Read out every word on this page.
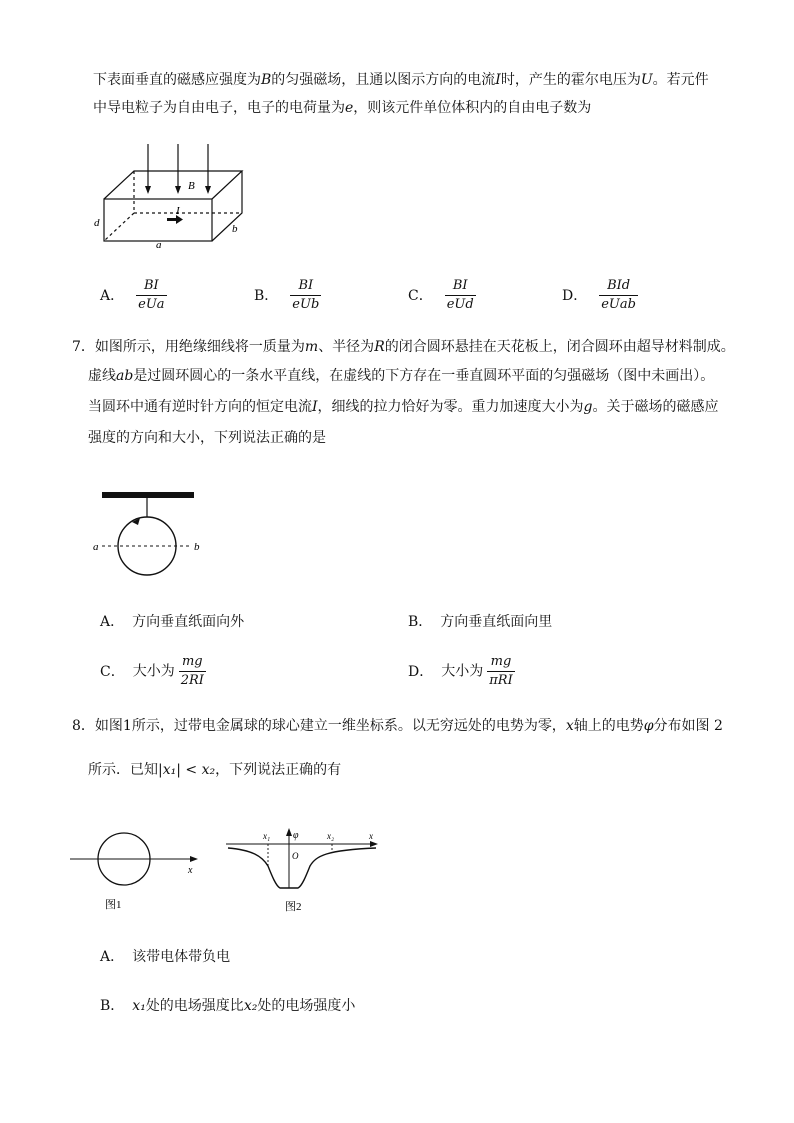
下表面垂直的磁感应强度为B的匀强磁场，且通以图示方向的电流I时，产生的霍尔电压为U。若元件
中导电粒子为自由电子，电子的电荷量为e，则该元件单位体积内的自由电子数为
B
I
d
a
b
A． $\frac{BI}{\text{eUa}}$	B． $\frac{BI}{\text{eUb}}$	C． $\frac{BI}{\text{eUd}}$	D． $\frac{\text{BId}}{\text{eUab}}$
7．如图所示，用绝缘细线将一质量为m、半径为R的闭合圆环悬挂在天花板上，闭合圆环由超导材料制成。
虚线ab是过圆环圆心的一条水平直线，在虚线的下方存在一垂直圆环平面的匀强磁场（图中未画出）。
当圆环中通有逆时针方向的恒定电流I，细线的拉力恰好为零。重力加速度大小为g。关于磁场的磁感应
强度的方向和大小，下列说法正确的是
a	b
A． 方向垂直纸面向外	B． 方向垂直纸面向里
C． 大小为 $\frac{mg}{2RI}$	D． 大小为 $\frac{mg}{\text{πRI}}$
8．如图1所示，过带电金属球的球心建立一维坐标系。以无穷远处的电势为零，x轴上的电势φ分布如图 2
所示．已知|x₁| < x₂，下列说法正确的有
x
图1
x₁ φ	x₂	x
O
图2
A． 该带电体带负电
B． x₁处的电场强度比x₂处的电场强度小
